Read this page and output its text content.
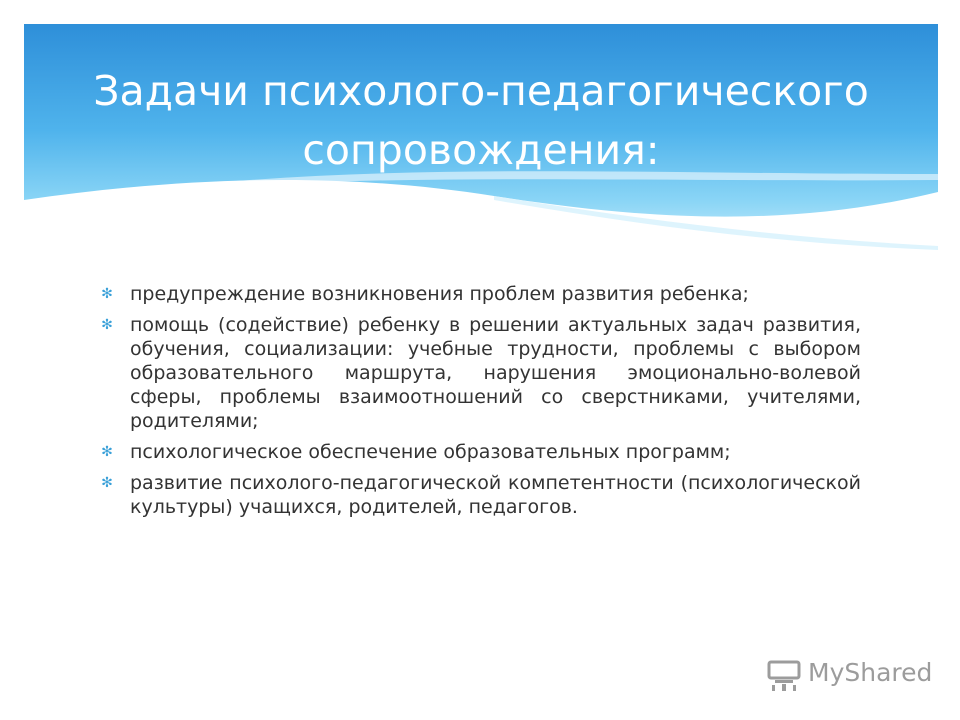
Задачи психолого-педагогического сопровождения:
✻ предупреждение возникновения проблем развития ребенка;
✻ помощь (содействие) ребенку в решении актуальных задач развития, обучения, социализации: учебные трудности, проблемы с выбором образовательного маршрута, нарушения эмоционально-волевой сферы, проблемы взаимоотношений со сверстниками, учителями, родителями;
✻ психологическое обеспечение образовательных программ;
✻ развитие психолого-педагогической компетентности (психологической культуры) учащихся, родителей, педагогов.
MyShared
